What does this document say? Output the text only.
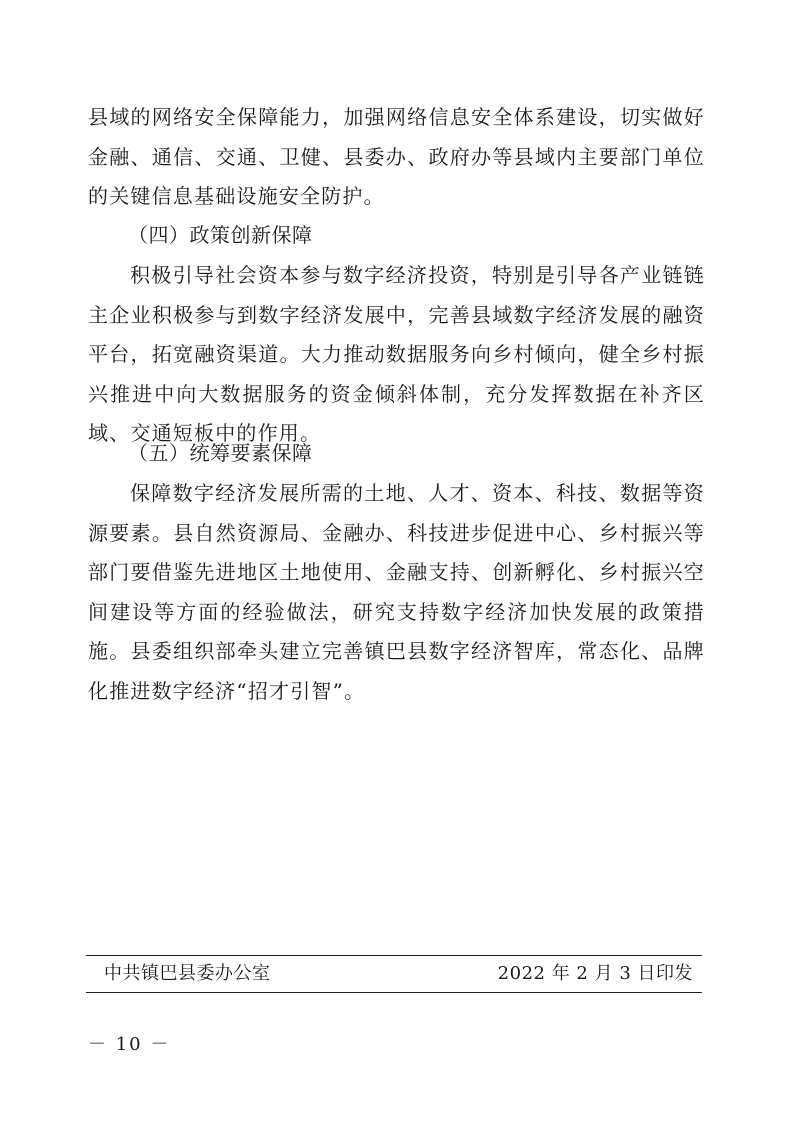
县域的网络安全保障能力，加强网络信息安全体系建设，切实做好金融、通信、交通、卫健、县委办、政府办等县域内主要部门单位的关键信息基础设施安全防护。

（四）政策创新保障

积极引导社会资本参与数字经济投资，特别是引导各产业链链主企业积极参与到数字经济发展中，完善县域数字经济发展的融资平台，拓宽融资渠道。大力推动数据服务向乡村倾向，健全乡村振兴推进中向大数据服务的资金倾斜体制，充分发挥数据在补齐区域、交通短板中的作用。

（五）统筹要素保障

保障数字经济发展所需的土地、人才、资本、科技、数据等资源要素。县自然资源局、金融办、科技进步促进中心、乡村振兴等部门要借鉴先进地区土地使用、金融支持、创新孵化、乡村振兴空间建设等方面的经验做法，研究支持数字经济加快发展的政策措施。县委组织部牵头建立完善镇巴县数字经济智库，常态化、品牌化推进数字经济“招才引智”。

中共镇巴县委办公室	2022 年 2 月 3 日印发
－ 10 －
